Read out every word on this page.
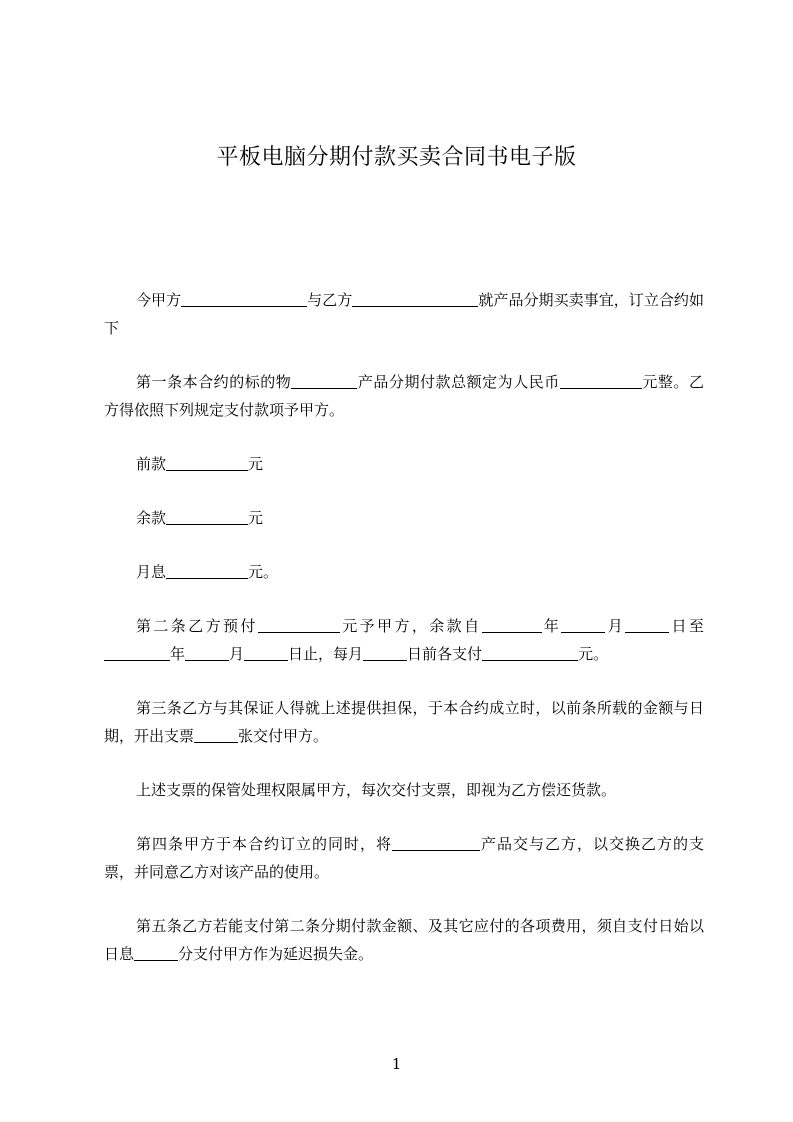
平板电脑分期付款买卖合同书电子版

今甲方	与乙方	就产品分期买卖事宜，订立合约如下

第一条本合约的标的物	产品分期付款总额定为人民币	元整。乙方得依照下列规定支付款项予甲方。

前款	元

余款	元

月息	元。

第二条乙方预付	元予甲方，余款自	年	月	日至年	月	日止，每月	日前各支付	元。

第三条乙方与其保证人得就上述提供担保，于本合约成立时，以前条所载的金额与日期，开出支票	张交付甲方。

上述支票的保管处理权限属甲方，每次交付支票，即视为乙方偿还货款。

第四条甲方于本合约订立的同时，将	产品交与乙方，以交换乙方的支票，并同意乙方对该产品的使用。

第五条乙方若能支付第二条分期付款金额、及其它应付的各项费用，须自支付日始以日息	分支付甲方作为延迟损失金。

1
